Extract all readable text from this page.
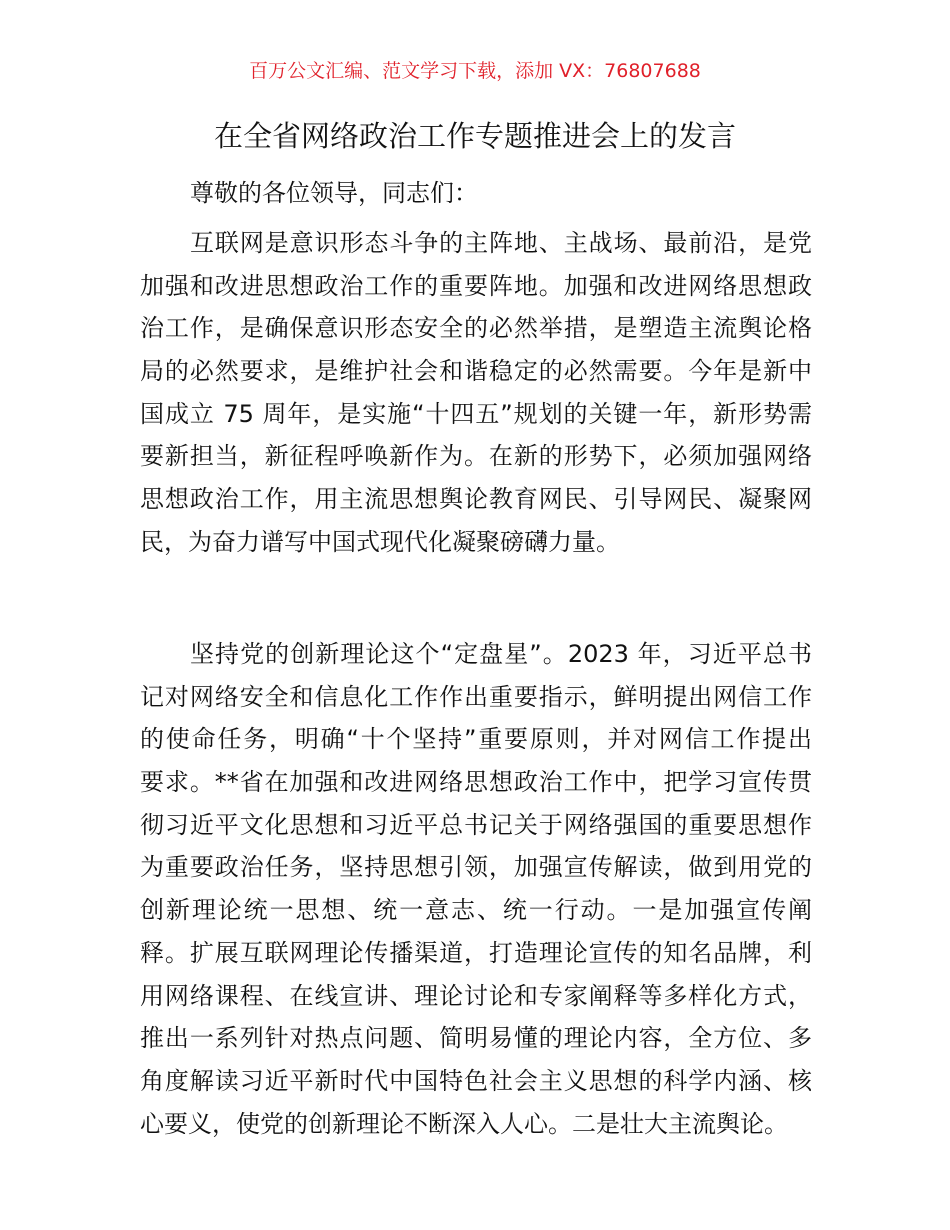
百万公文汇编、范文学习下载，添加 VX：76807688
在全省网络政治工作专题推进会上的发言
尊敬的各位领导，同志们：
互联网是意识形态斗争的主阵地、主战场、最前沿，是党
加强和改进思想政治工作的重要阵地。加强和改进网络思想政
治工作，是确保意识形态安全的必然举措，是塑造主流舆论格
局的必然要求，是维护社会和谐稳定的必然需要。今年是新中
国成立 75 周年，是实施“十四五”规划的关键一年，新形势需
要新担当，新征程呼唤新作为。在新的形势下，必须加强网络
思想政治工作，用主流思想舆论教育网民、引导网民、凝聚网
民，为奋力谱写中国式现代化凝聚磅礴力量。
坚持党的创新理论这个“定盘星”。2023 年，习近平总书
记对网络安全和信息化工作作出重要指示，鲜明提出网信工作
的使命任务，明确“十个坚持”重要原则，并对网信工作提出
要求。**省在加强和改进网络思想政治工作中，把学习宣传贯
彻习近平文化思想和习近平总书记关于网络强国的重要思想作
为重要政治任务，坚持思想引领，加强宣传解读，做到用党的
创新理论统一思想、统一意志、统一行动。一是加强宣传阐
释。扩展互联网理论传播渠道，打造理论宣传的知名品牌，利
用网络课程、在线宣讲、理论讨论和专家阐释等多样化方式，
推出一系列针对热点问题、简明易懂的理论内容，全方位、多
角度解读习近平新时代中国特色社会主义思想的科学内涵、核
心要义，使党的创新理论不断深入人心。二是壮大主流舆论。
